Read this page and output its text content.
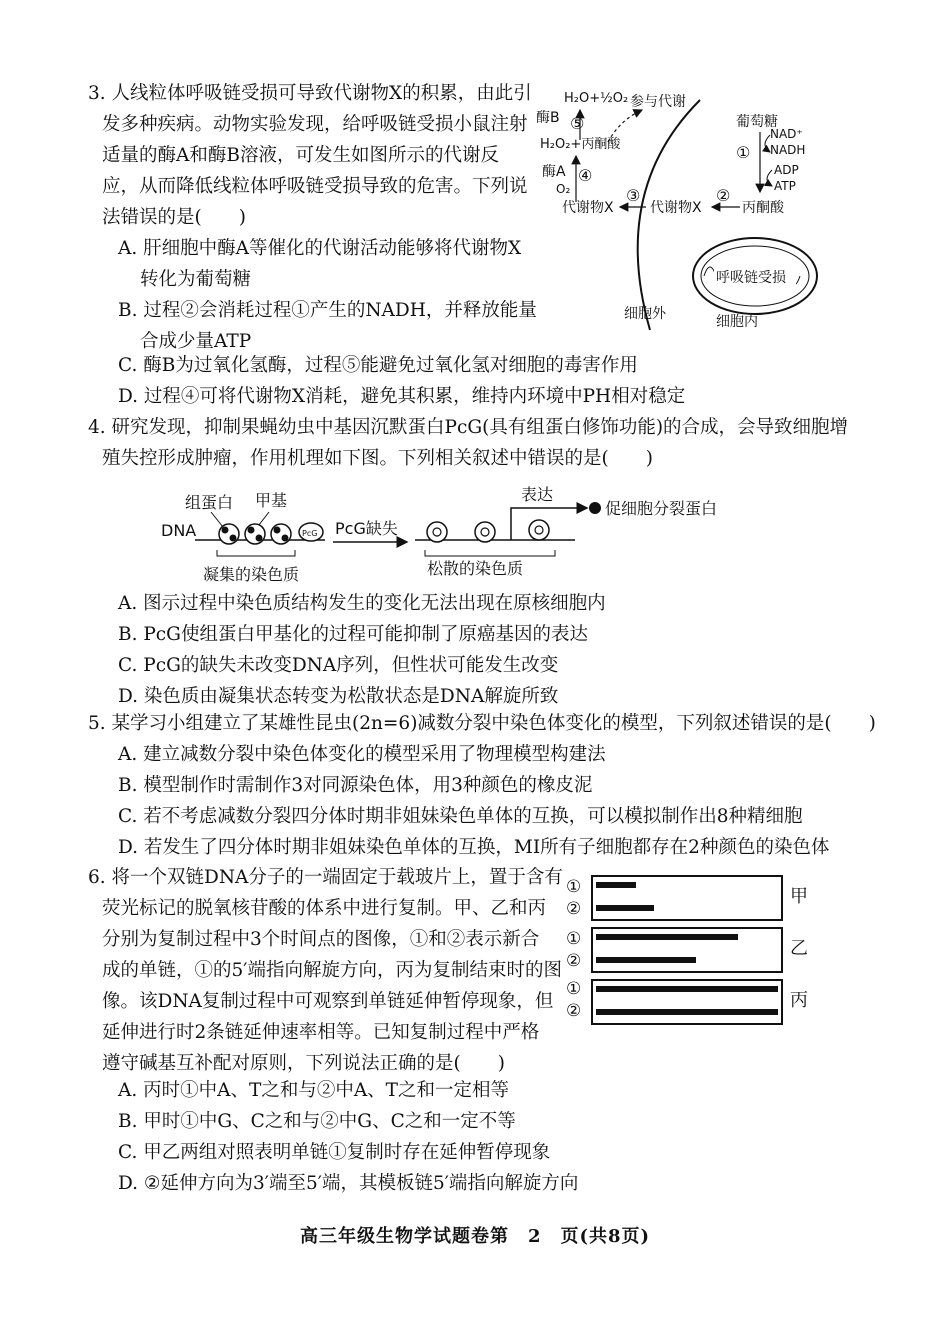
3. 人线粒体呼吸链受损可导致代谢物X的积累，由此引

发多种疾病。动物实验发现，给呼吸链受损小鼠注射

适量的酶A和酶B溶液，可发生如图所示的代谢反

应，从而降低线粒体呼吸链受损导致的危害。下列说

法错误的是(　　)

A. 肝细胞中酶A等催化的代谢活动能够将代谢物X

转化为葡萄糖

B. 过程②会消耗过程①产生的NADH，并释放能量

合成少量ATP

C. 酶B为过氧化氢酶，过程⑤能避免过氧化氢对细胞的毒害作用

D. 过程④可将代谢物X消耗，避免其积累，维持内环境中PH相对稳定

H₂O+½O₂ 参与代谢
酶B ⑤
H₂O₂+丙酮酸
酶A ④
O₂
代谢物X
③
代谢物X
②
丙酮酸
葡萄糖
①
NAD⁺
NADH
ADP
ATP
呼吸链受损
细胞外	细胞内

4. 研究发现，抑制果蝇幼虫中基因沉默蛋白PcG(具有组蛋白修饰功能)的合成，会导致细胞增

殖失控形成肿瘤，作用机理如下图。下列相关叙述中错误的是(　　)

组蛋白 甲基
DNA	PcG
凝集的染色质
PcG缺失
松散的染色质
表达
促细胞分裂蛋白

A. 图示过程中染色质结构发生的变化无法出现在原核细胞内

B. PcG使组蛋白甲基化的过程可能抑制了原癌基因的表达

C. PcG的缺失未改变DNA序列，但性状可能发生改变

D. 染色质由凝集状态转变为松散状态是DNA解旋所致

5. 某学习小组建立了某雄性昆虫(2n=6)减数分裂中染色体变化的模型，下列叙述错误的是(　　)

A. 建立减数分裂中染色体变化的模型采用了物理模型构建法

B. 模型制作时需制作3对同源染色体，用3种颜色的橡皮泥

C. 若不考虑减数分裂四分体时期非姐妹染色单体的互换，可以模拟制作出8种精细胞

D. 若发生了四分体时期非姐妹染色单体的互换，MⅠ所有子细胞都存在2种颜色的染色体

6. 将一个双链DNA分子的一端固定于载玻片上，置于含有

荧光标记的脱氧核苷酸的体系中进行复制。甲、乙和丙

分别为复制过程中3个时间点的图像，①和②表示新合

成的单链，①的5′端指向解旋方向，丙为复制结束时的图

像。该DNA复制过程中可观察到单链延伸暂停现象，但

延伸进行时2条链延伸速率相等。已知复制过程中严格

遵守碱基互补配对原则，下列说法正确的是(　　)

A. 丙时①中A、T之和与②中A、T之和一定相等

B. 甲时①中G、C之和与②中G、C之和一定不等

C. 甲乙两组对照表明单链①复制时存在延伸暂停现象

D. ②延伸方向为3′端至5′端，其模板链5′端指向解旋方向

①
②
甲
①
②
乙
①
②	丙
高三年级生物学试题卷第　2　页(共8页)
